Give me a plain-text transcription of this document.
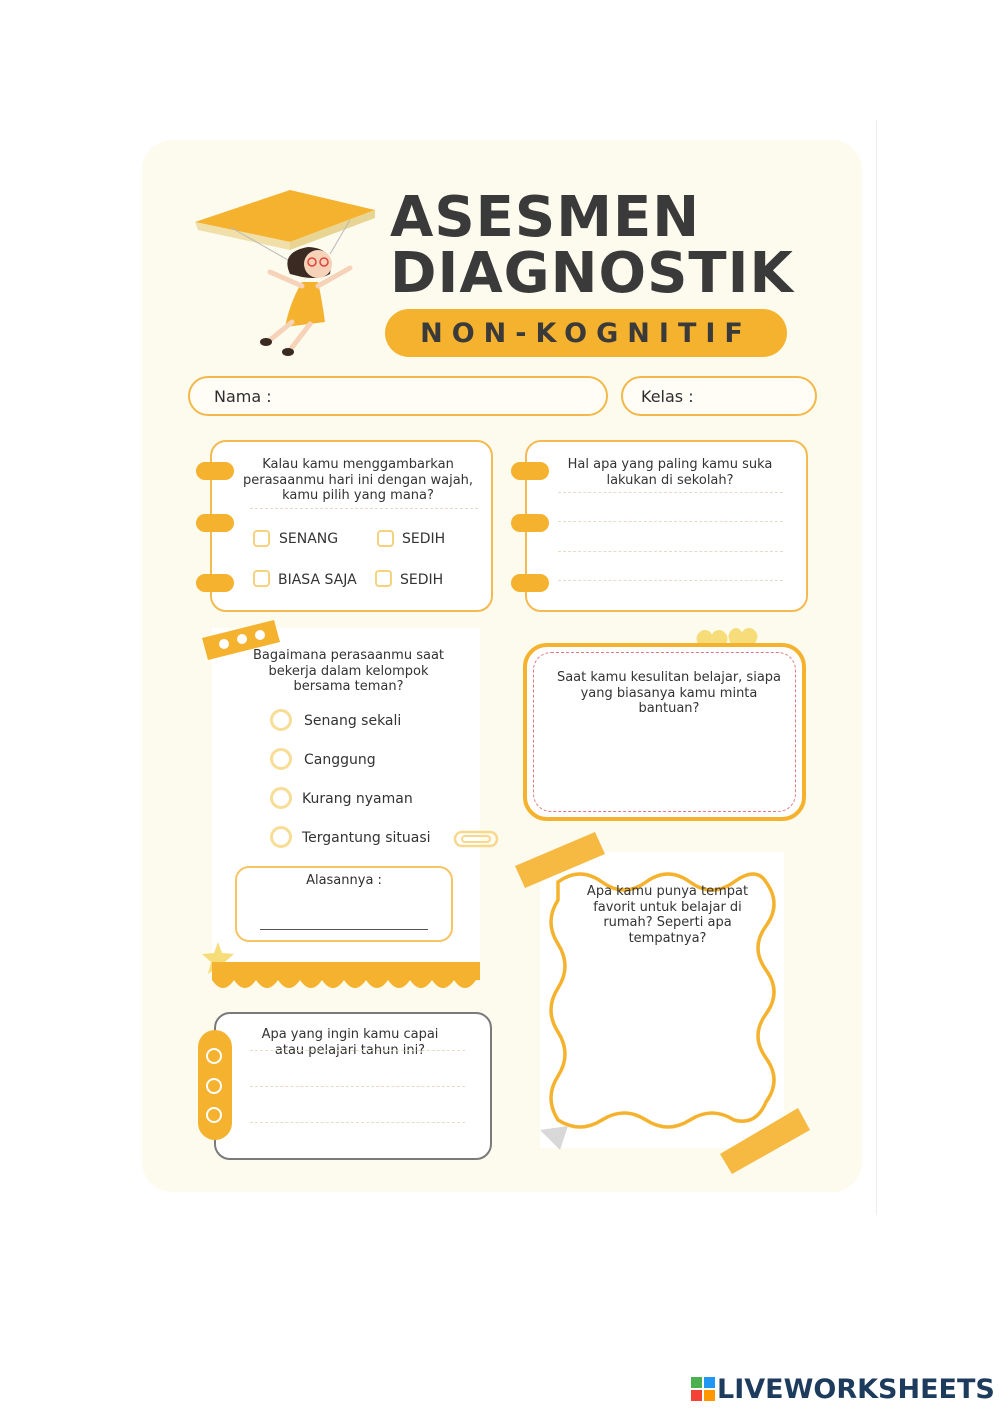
ASESMEN
DIAGNOSTIK
NON-KOGNITIF
Nama :	Kelas :
Kalau kamu menggambarkan perasaanmu hari ini dengan wajah, kamu pilih yang mana?
SENANG	SEDIH
BIASA SAJA	SEDIH
Hal apa yang paling kamu suka lakukan di sekolah?
Bagaimana perasaanmu saat bekerja dalam kelompok bersama teman?
Senang sekali
Canggung
Kurang nyaman
Tergantung situasi
Alasannya :
Saat kamu kesulitan belajar, siapa yang biasanya kamu minta bantuan?
Apa kamu punya tempat favorit untuk belajar di rumah? Seperti apa tempatnya?
Apa yang ingin kamu capai atau pelajari tahun ini?
LIVEWORKSHEETS
